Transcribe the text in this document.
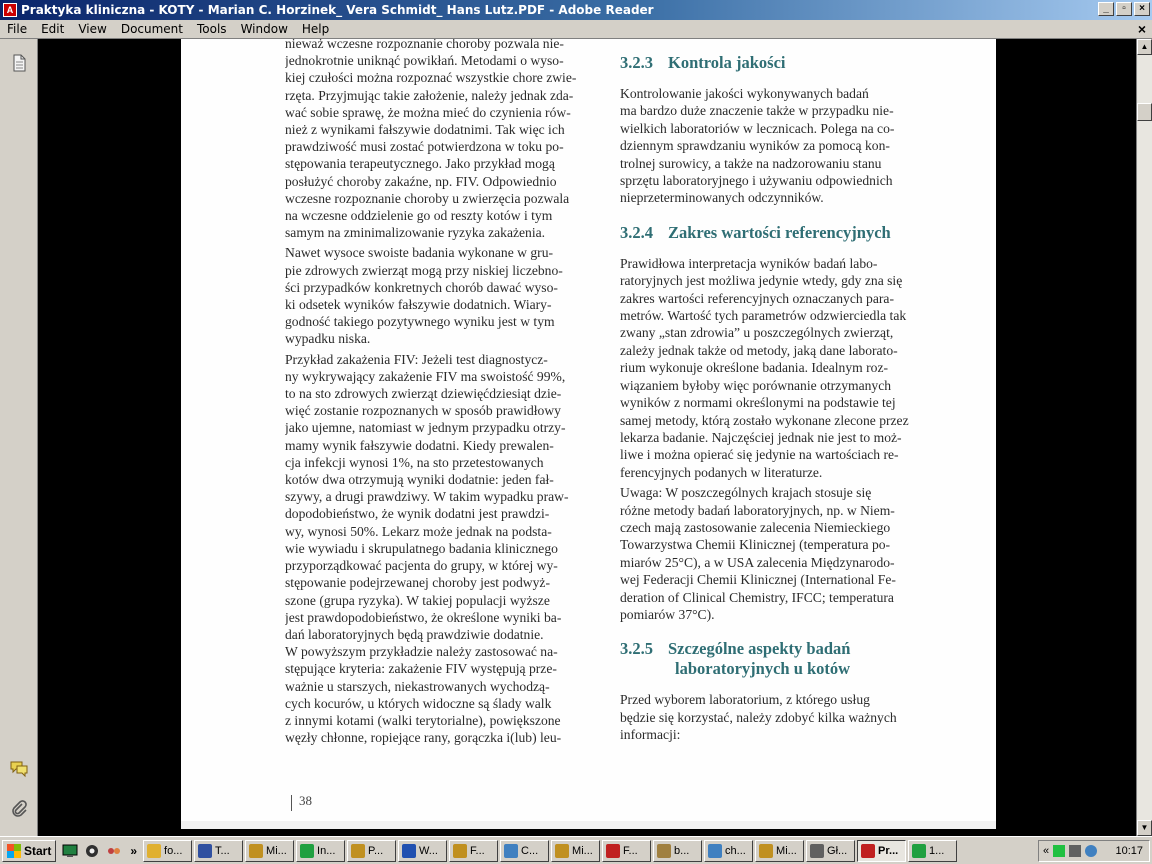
A Praktyka kliniczna - KOTY - Marian C. Horzinek_ Vera Schmidt_ Hans Lutz.PDF - Adobe Reader	_	▫	×
File	Edit	View	Document	Tools	Window	Help	×
nieważ wczesne rozpoznanie choroby pozwala nie-
jednokrotnie uniknąć powikłań. Metodami o wyso-
kiej czułości można rozpoznać wszystkie chore zwie-
rzęta. Przyjmując takie założenie, należy jednak zda-
wać sobie sprawę, że można mieć do czynienia rów-
nież z wynikami fałszywie dodatnimi. Tak więc ich
prawdziwość musi zostać potwierdzona w toku po-
stępowania terapeutycznego. Jako przykład mogą
posłużyć choroby zakaźne, np. FIV. Odpowiednio
wczesne rozpoznanie choroby u zwierzęcia pozwala
na wczesne oddzielenie go od reszty kotów i tym
samym na zminimalizowanie ryzyka zakażenia.
Nawet wysoce swoiste badania wykonane w gru-
pie zdrowych zwierząt mogą przy niskiej liczebno-
ści przypadków konkretnych chorób dawać wyso-
ki odsetek wyników fałszywie dodatnich. Wiary-
godność takiego pozytywnego wyniku jest w tym
wypadku niska.
Przykład zakażenia FIV: Jeżeli test diagnostycz-
ny wykrywający zakażenie FIV ma swoistość 99%,
to na sto zdrowych zwierząt dziewięćdziesiąt dzie-
więć zostanie rozpoznanych w sposób prawidłowy
jako ujemne, natomiast w jednym przypadku otrzy-
mamy wynik fałszywie dodatni. Kiedy prewalen-
cja infekcji wynosi 1%, na sto przetestowanych
kotów dwa otrzymują wyniki dodatnie: jeden fał-
szywy, a drugi prawdziwy. W takim wypadku praw-
dopodobieństwo, że wynik dodatni jest prawdzi-
wy, wynosi 50%. Lekarz może jednak na podsta-
wie wywiadu i skrupulatnego badania klinicznego
przyporządkować pacjenta do grupy, w której wy-
stępowanie podejrzewanej choroby jest podwyż-
szone (grupa ryzyka). W takiej populacji wyższe
jest prawdopodobieństwo, że określone wyniki ba-
dań laboratoryjnych będą prawdziwie dodatnie.
W powyższym przykładzie należy zastosować na-
stępujące kryteria: zakażenie FIV występują prze-
ważnie u starszych, niekastrowanych wychodzą-
cych kocurów, u których widoczne są ślady walk
z innymi kotami (walki terytorialne), powiększone
węzły chłonne, ropiejące rany, gorączka i(lub) leu-
3.2.3 Kontrola jakości
Kontrolowanie jakości wykonywanych badań
ma bardzo duże znaczenie także w przypadku nie-
wielkich laboratoriów w lecznicach. Polega na co-
dziennym sprawdzaniu wyników za pomocą kon-
trolnej surowicy, a także na nadzorowaniu stanu
sprzętu laboratoryjnego i używaniu odpowiednich
nieprzeterminowanych odczynników.
3.2.4 Zakres wartości referencyjnych
Prawidłowa interpretacja wyników badań labo-
ratoryjnych jest możliwa jedynie wtedy, gdy zna się
zakres wartości referencyjnych oznaczanych para-
metrów. Wartość tych parametrów odzwierciedla tak
zwany „stan zdrowia” u poszczególnych zwierząt,
zależy jednak także od metody, jaką dane laborato-
rium wykonuje określone badania. Idealnym roz-
wiązaniem byłoby więc porównanie otrzymanych
wyników z normami określonymi na podstawie tej
samej metody, którą zostało wykonane zlecone przez
lekarza badanie. Najczęściej jednak nie jest to moż-
liwe i można opierać się jedynie na wartościach re-
ferencyjnych podanych w literaturze.
Uwaga: W poszczególnych krajach stosuje się
różne metody badań laboratoryjnych, np. w Niem-
czech mają zastosowanie zalecenia Niemieckiego
Towarzystwa Chemii Klinicznej (temperatura po-
miarów 25°C), a w USA zalecenia Międzynarodo-
wej Federacji Chemii Klinicznej (International Fe-
deration of Clinical Chemistry, IFCC; temperatura
pomiarów 37°C).
3.2.5 Szczególne aspekty badań
laboratoryjnych u kotów
Przed wyborem laboratorium, z którego usług
będzie się korzystać, należy zdobyć kilka ważnych
informacji:
38
▲
▼
Start	» fo...	T...	Mi...	In...	P...	W...	F...	C...	Mi...	F...	b...	ch...	Mi...	Gł...	Pr...	1...	«	10:17
